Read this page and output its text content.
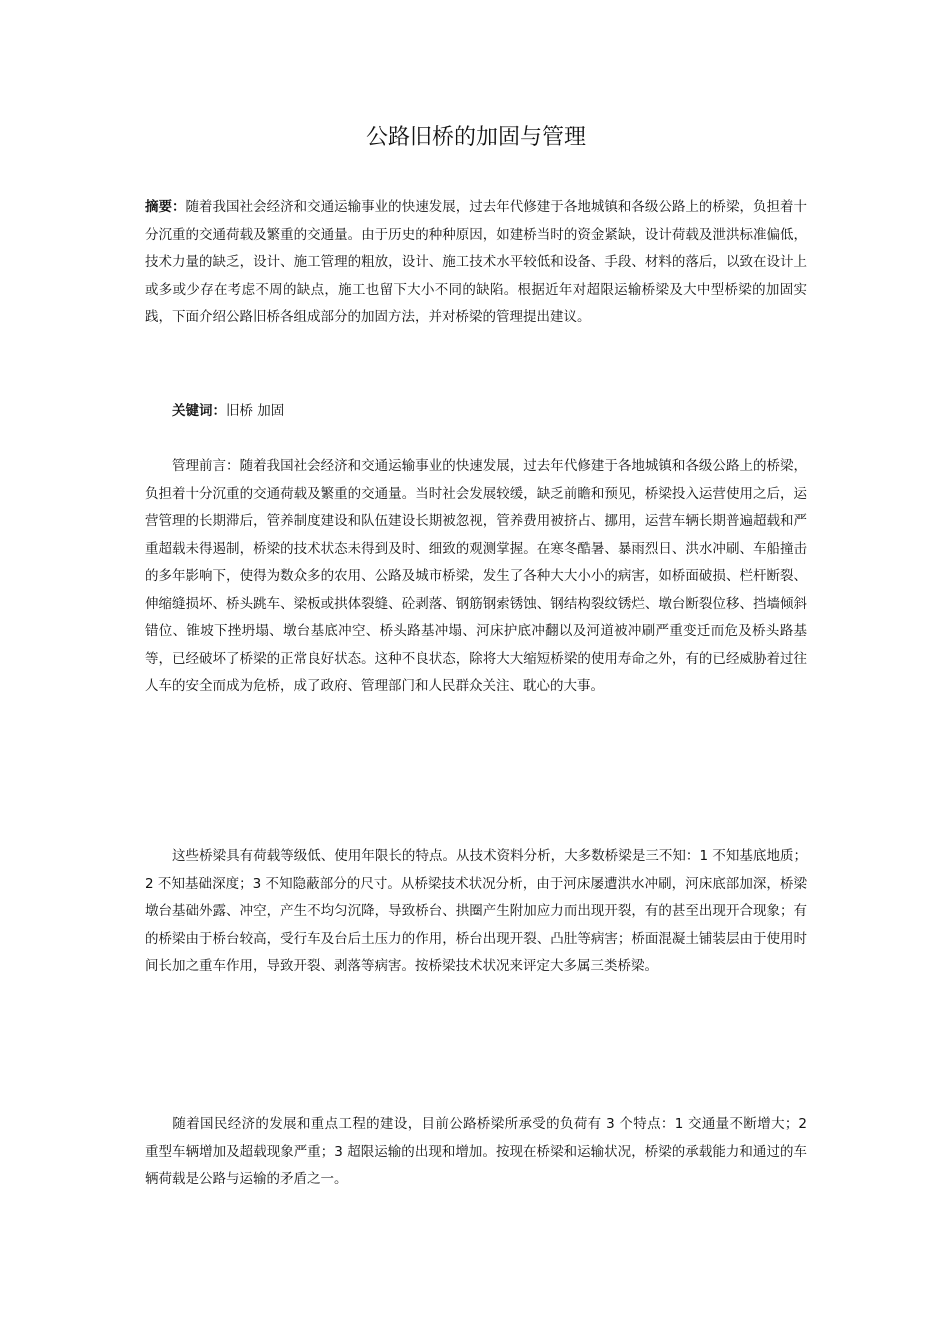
公路旧桥的加固与管理

摘要：随着我国社会经济和交通运输事业的快速发展，过去年代修建于各地城镇和各级公路上的桥梁，负担着十分沉重的交通荷载及繁重的交通量。由于历史的种种原因，如建桥当时的资金紧缺，设计荷载及泄洪标准偏低，技术力量的缺乏，设计、施工管理的粗放，设计、施工技术水平较低和设备、手段、材料的落后，以致在设计上或多或少存在考虑不周的缺点，施工也留下大小不同的缺陷。根据近年对超限运输桥梁及大中型桥梁的加固实践，下面介绍公路旧桥各组成部分的加固方法，并对桥梁的管理提出建议。

关键词：旧桥 加固

管理前言：随着我国社会经济和交通运输事业的快速发展，过去年代修建于各地城镇和各级公路上的桥梁，负担着十分沉重的交通荷载及繁重的交通量。当时社会发展较缓，缺乏前瞻和预见，桥梁投入运营使用之后，运营管理的长期滞后，管养制度建设和队伍建设长期被忽视，管养费用被挤占、挪用，运营车辆长期普遍超载和严重超载未得遏制，桥梁的技术状态未得到及时、细致的观测掌握。在寒冬酷暑、暴雨烈日、洪水冲刷、车船撞击的多年影响下，使得为数众多的农用、公路及城市桥梁，发生了各种大大小小的病害，如桥面破损、栏杆断裂、伸缩缝损坏、桥头跳车、梁板或拱体裂缝、砼剥落、钢筋钢索锈蚀、钢结构裂纹锈烂、墩台断裂位移、挡墙倾斜错位、锥坡下挫坍塌、墩台基底冲空、桥头路基冲塌、河床护底冲翻以及河道被冲刷严重变迁而危及桥头路基等，已经破坏了桥梁的正常良好状态。这种不良状态，除将大大缩短桥梁的使用寿命之外，有的已经威胁着过往人车的安全而成为危桥，成了政府、管理部门和人民群众关注、耽心的大事。

这些桥梁具有荷载等级低、使用年限长的特点。从技术资料分析，大多数桥梁是三不知：1 不知基底地质；2 不知基础深度；3 不知隐蔽部分的尺寸。从桥梁技术状况分析，由于河床屡遭洪水冲刷，河床底部加深，桥梁墩台基础外露、冲空，产生不均匀沉降，导致桥台、拱圈产生附加应力而出现开裂，有的甚至出现开合现象；有的桥梁由于桥台较高，受行车及台后土压力的作用，桥台出现开裂、凸肚等病害；桥面混凝土铺装层由于使用时间长加之重车作用，导致开裂、剥落等病害。按桥梁技术状况来评定大多属三类桥梁。

随着国民经济的发展和重点工程的建设，目前公路桥梁所承受的负荷有 3 个特点：1 交通量不断增大；2 重型车辆增加及超载现象严重；3 超限运输的出现和增加。按现在桥梁和运输状况，桥梁的承载能力和通过的车辆荷载是公路与运输的矛盾之一。
